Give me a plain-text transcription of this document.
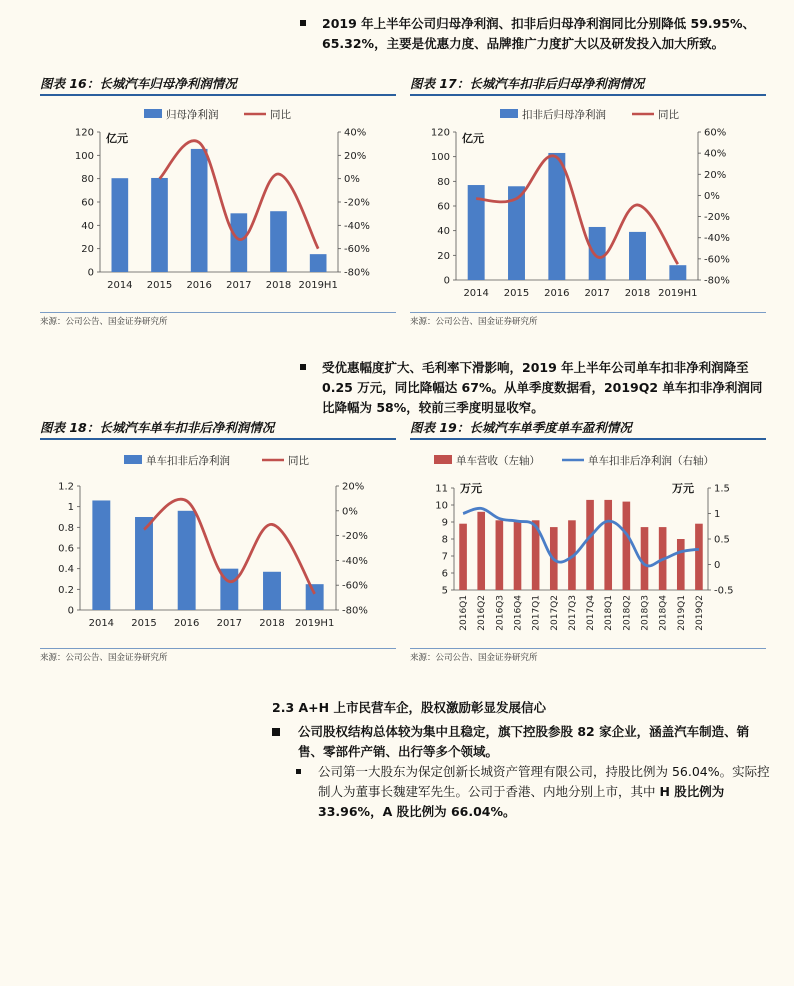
2019 年上半年公司归母净利润、扣非后归母净利润同比分别降低 59.95%、65.32%，主要是优惠力度、品牌推广力度扩大以及研发投入加大所致。
图表 16：长城汽车归母净利润情况
归母净利润	同比
0
20
40
60
80
100
120
-80%
-60%
-40%
-20%
0%
20%
40%
2014 2015 2016 2017 2018 2019H1
亿元
来源：公司公告、国金证券研究所
图表 17：长城汽车扣非后归母净利润情况
扣非后归母净利润	同比
0
20
40
60
80
100
120
-80%
-60%
-40%
-20%
0%
20%
40%
60%
2014 2015 2016 2017 2018 2019H1
亿元
来源：公司公告、国金证券研究所
受优惠幅度扩大、毛利率下滑影响，2019 年上半年公司单车扣非净利润降至 0.25 万元，同比降幅达 67%。从单季度数据看，2019Q2 单车扣非净利润同比降幅为 58%，较前三季度明显收窄。
图表 18：长城汽车单车扣非后净利润情况
单车扣非后净利润	同比
0
0.2
0.4
0.6
0.8
1
1.2
-80%
-60%
-40%
-20%
0%
20%
2014 2015 2016 2017 2018 2019H1
来源：公司公告、国金证券研究所
图表 19：长城汽车单季度单车盈利情况
单车营收（左轴）	单车扣非后净利润（右轴）
5
6
7
8
9
10
11
-0.5
0
0.5
1
1.5
2016Q1 2016Q2 2016Q3 2016Q4 2017Q1 2017Q2 2017Q3 2017Q4 2018Q1 2018Q2 2018Q3 2018Q4 2019Q1 2019Q2
万元	万元
来源：公司公告、国金证券研究所
2.3 A+H 上市民营车企，股权激励彰显发展信心
公司股权结构总体较为集中且稳定，旗下控股参股 82 家企业，涵盖汽车制造、销售、零部件产销、出行等多个领域。
公司第一大股东为保定创新长城资产管理有限公司，持股比例为 56.04%。实际控制人为董事长魏建军先生。公司于香港、内地分别上市，其中 H 股比例为 33.96%，A 股比例为 66.04%。
